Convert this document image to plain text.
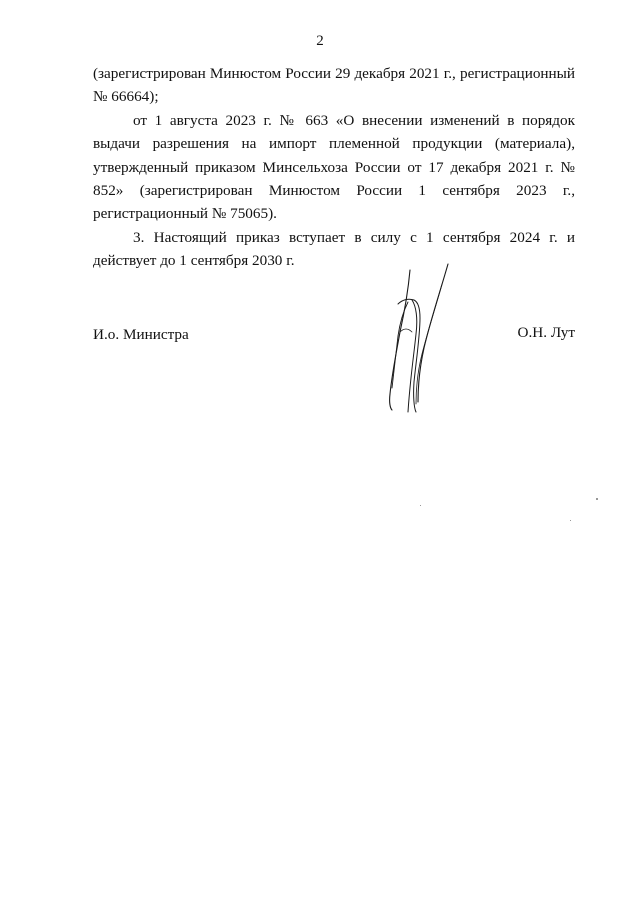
2

(зарегистрирован Минюстом России 29 декабря 2021 г., регистрационный № 66664);

от 1 августа 2023 г. № 663 «О внесении изменений в порядок выдачи разрешения на импорт племенной продукции (материала), утвержденный приказом Минсельхоза России от 17 декабря 2021 г. № 852» (зарегистрирован Минюстом России 1 сентября 2023 г., регистрационный № 75065).

3. Настоящий приказ вступает в силу с 1 сентября 2024 г. и действует до 1 сентября 2030 г.

И.о. Министра	О.Н. Лут
